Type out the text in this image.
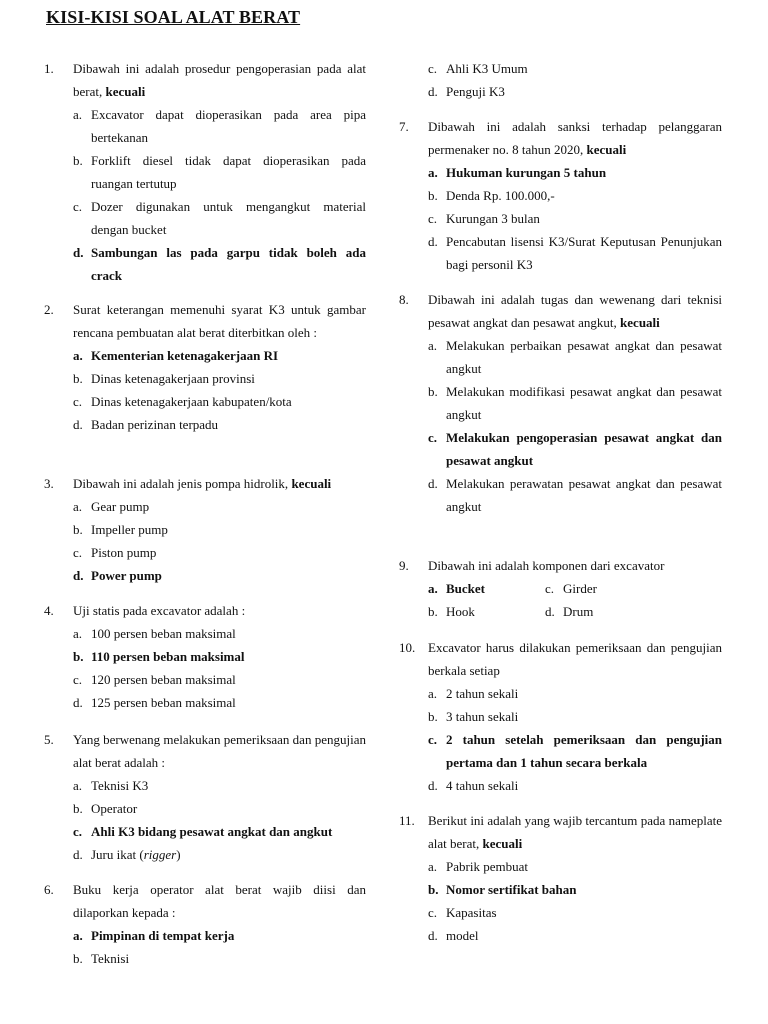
KISI-KISI SOAL ALAT BERAT
1.	Dibawah ini adalah prosedur pengoperasian pada alat berat, kecuali
a. Excavator dapat dioperasikan pada area pipa bertekanan
b. Forklift diesel tidak dapat dioperasikan pada ruangan tertutup
c. Dozer digunakan untuk mengangkut material dengan bucket
d. Sambungan las pada garpu tidak boleh ada crack
2.	Surat keterangan memenuhi syarat K3 untuk gambar rencana pembuatan alat berat diterbitkan oleh :
a. Kementerian ketenagakerjaan RI
b. Dinas ketenagakerjaan provinsi
c. Dinas ketenagakerjaan kabupaten/kota
d. Badan perizinan terpadu
3.	Dibawah ini adalah jenis pompa hidrolik, kecuali
a. Gear pump
b. Impeller pump
c. Piston pump
d. Power pump
4.	Uji statis pada excavator adalah :
a. 100 persen beban maksimal
b. 110 persen beban maksimal
c. 120 persen beban maksimal
d. 125 persen beban maksimal
5.	Yang berwenang melakukan pemeriksaan dan pengujian alat berat adalah :
a. Teknisi K3
b. Operator
c. Ahli K3 bidang pesawat angkat dan angkut
d. Juru ikat (rigger)
6.	Buku kerja operator alat berat wajib diisi dan dilaporkan kepada :
a. Pimpinan di tempat kerja
b. Teknisi
c. Ahli K3 Umum
d. Penguji K3
7.	Dibawah ini adalah sanksi terhadap pelanggaran permenaker no. 8 tahun 2020, kecuali
a. Hukuman kurungan 5 tahun
b. Denda Rp. 100.000,-
c. Kurungan 3 bulan
d. Pencabutan lisensi K3/Surat Keputusan Penunjukan bagi personil K3
8.	Dibawah ini adalah tugas dan wewenang dari teknisi pesawat angkat dan pesawat angkut, kecuali
a. Melakukan perbaikan pesawat angkat dan pesawat angkut
b. Melakukan modifikasi pesawat angkat dan pesawat angkut
c. Melakukan pengoperasian pesawat angkat dan pesawat angkut
d. Melakukan perawatan pesawat angkat dan pesawat angkut
9.	Dibawah ini adalah komponen dari excavator
a. Bucket	c. Girder
b. Hook	d. Drum
10. Excavator harus dilakukan pemeriksaan dan pengujian berkala setiap
a. 2 tahun sekali
b. 3 tahun sekali
c. 2 tahun setelah pemeriksaan dan pengujian pertama dan 1 tahun secara berkala
d. 4 tahun sekali
11.	Berikut ini adalah yang wajib tercantum pada nameplate alat berat, kecuali
a. Pabrik pembuat
b. Nomor sertifikat bahan
c. Kapasitas
d. model
